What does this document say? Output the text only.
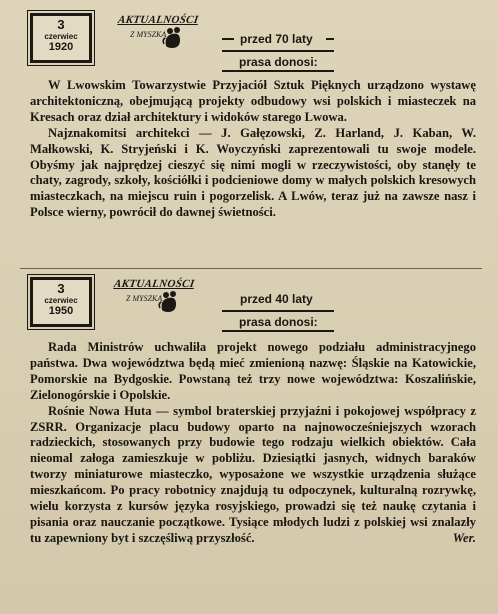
3
czerwiec
1920
AKTUALNOŚCI
Z MYSZKĄ	przed 70 laty
prasa donosi:

W Lwowskim Towarzystwie Przyjaciół Sztuk Pięknych urządzono wystawę architektoniczną, obejmującą projekty odbudowy wsi polskich i miasteczek na Kresach oraz dział architektury i widoków starego Lwowa.

Najznakomitsi architekci — J. Gałęzowski, Z. Harland, J. Kaban, W. Małkowski, K. Stryjeński i K. Woyczyński zaprezentowali tu swoje modele. Obyśmy jak najprędzej cieszyć się nimi mogli w rzeczywistości, oby stanęły te chaty, zagrody, szkoły, kościółki i podcieniowe domy w małych polskich kresowych miasteczkach, na miejscu ruin i pogorzelisk. A Lwów, teraz już na zawsze nasz i Polsce wierny, powrócił do dawnej świetności.

3
czerwiec
1950
AKTUALNOŚCI
Z MYSZKĄ	przed 40 laty
prasa donosi:

Rada Ministrów uchwaliła projekt nowego podziału administracyjnego państwa. Dwa województwa będą mieć zmienioną nazwę: Śląskie na Katowickie, Pomorskie na Bydgoskie. Powstaną też trzy nowe województwa: Koszalińskie, Zielonogórskie i Opolskie.

Rośnie Nowa Huta — symbol braterskiej przyjaźni i pokojowej współpracy z ZSRR. Organizacje placu budowy oparto na najnowocześniejszych wzorach radzieckich, stosowanych przy budowie tego rodzaju wielkich obiektów. Cała nieomal załoga zamieszkuje w pobliżu. Dziesiątki jasnych, widnych baraków tworzy miniaturowe miasteczko, wyposażone we wszystkie urządzenia służące mieszkańcom. Po pracy robotnicy znajdują tu odpoczynek, kulturalną rozrywkę, wielu korzysta z kursów języka rosyjskiego, prowadzi się też naukę czytania i pisania oraz nauczanie początkowe. Tysiące młodych ludzi z polskiej wsi znalazły tu zapewniony byt i szczęśliwą przyszłość.	Wer.
